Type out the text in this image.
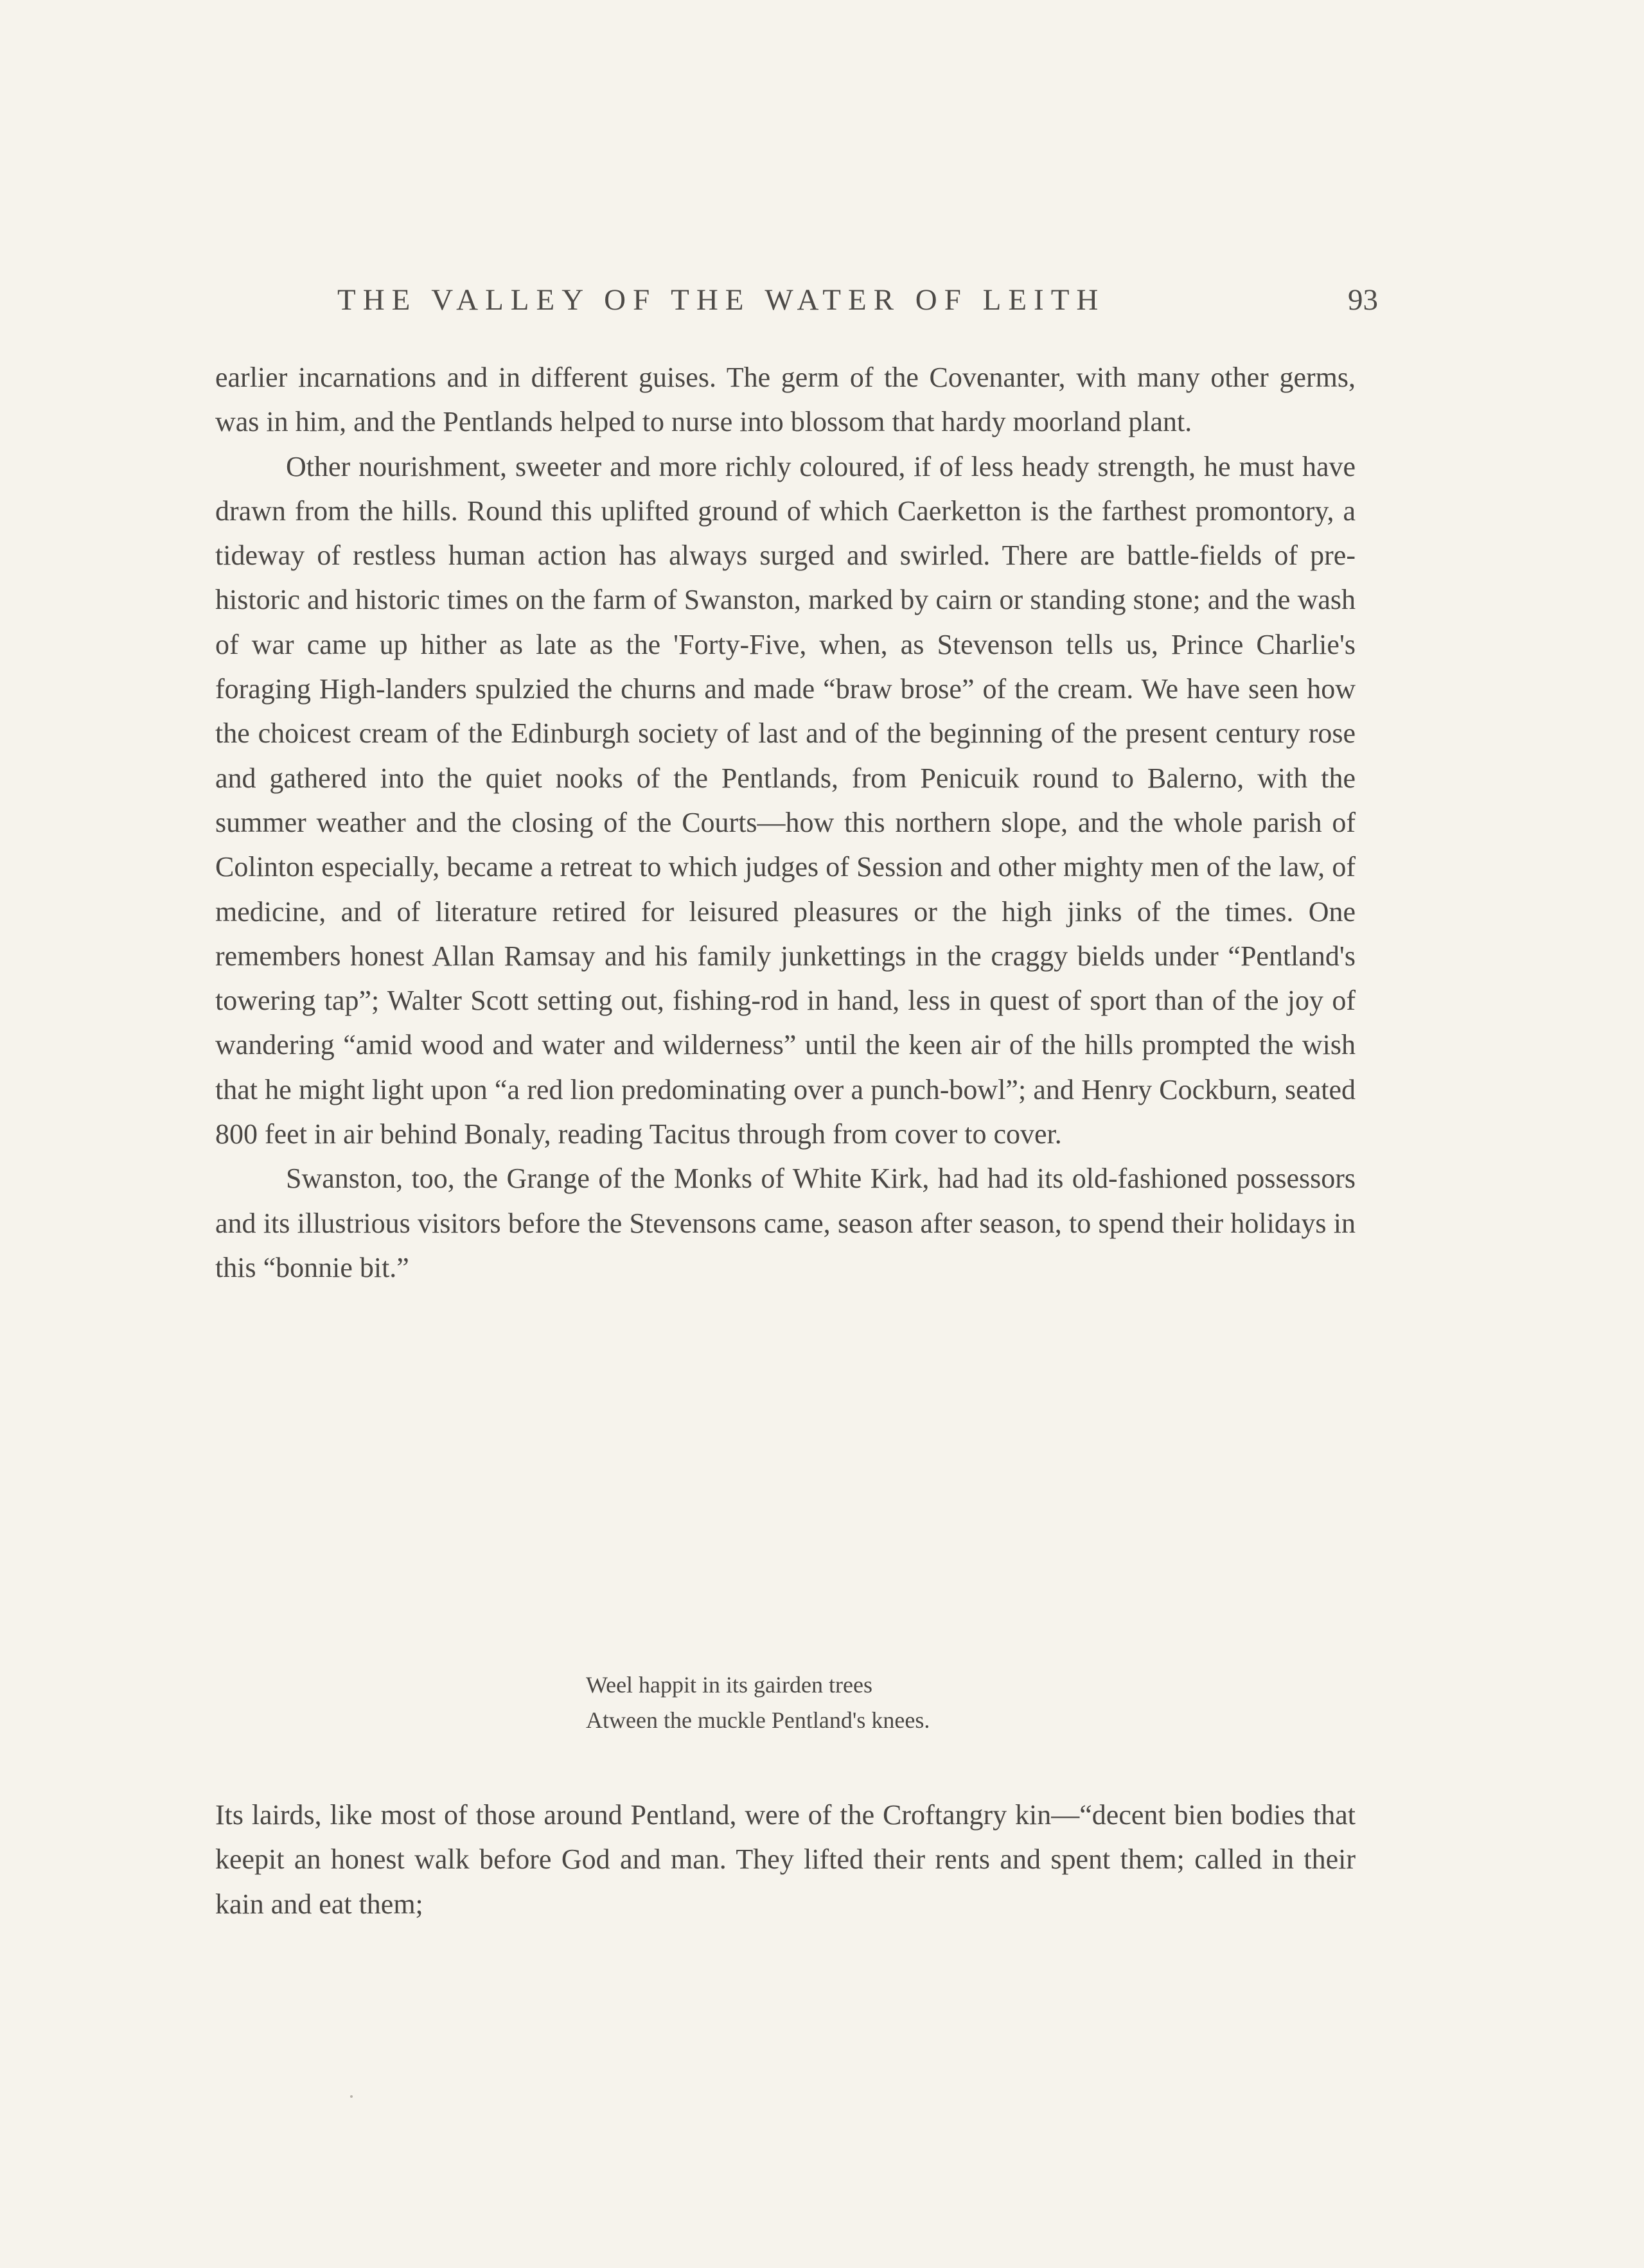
THE VALLEY OF THE WATER OF LEITH	93

earlier incarnations and in different guises. The germ of the Covenanter, with many other germs, was in him, and the Pentlands helped to nurse into blossom that hardy moorland plant.

Other nourishment, sweeter and more richly coloured, if of less heady strength, he must have drawn from the hills. Round this uplifted ground of which Caerketton is the farthest promontory, a tideway of restless human action has always surged and swirled. There are battle-fields of pre-historic and historic times on the farm of Swanston, marked by cairn or standing stone; and the wash of war came up hither as late as the 'Forty-Five, when, as Stevenson tells us, Prince Charlie's foraging High-landers spulzied the churns and made “braw brose” of the cream. We have seen how the choicest cream of the Edinburgh society of last and of the beginning of the present century rose and gathered into the quiet nooks of the Pentlands, from Penicuik round to Balerno, with the summer weather and the closing of the Courts—how this northern slope, and the whole parish of Colinton especially, became a retreat to which judges of Session and other mighty men of the law, of medicine, and of literature retired for leisured pleasures or the high jinks of the times. One remembers honest Allan Ramsay and his family junkettings in the craggy bields under “Pentland's towering tap”; Walter Scott setting out, fishing-rod in hand, less in quest of sport than of the joy of wandering “amid wood and water and wilderness” until the keen air of the hills prompted the wish that he might light upon “a red lion predominating over a punch-bowl”; and Henry Cockburn, seated 800 feet in air behind Bonaly, reading Tacitus through from cover to cover.

Swanston, too, the Grange of the Monks of White Kirk, had had its old-fashioned possessors and its illustrious visitors before the Stevensons came, season after season, to spend their holidays in this “bonnie bit.”

Weel happit in its gairden trees
Atween the muckle Pentland's knees.

Its lairds, like most of those around Pentland, were of the Croftangry kin—“decent bien bodies that keepit an honest walk before God and man. They lifted their rents and spent them; called in their kain and eat them;
